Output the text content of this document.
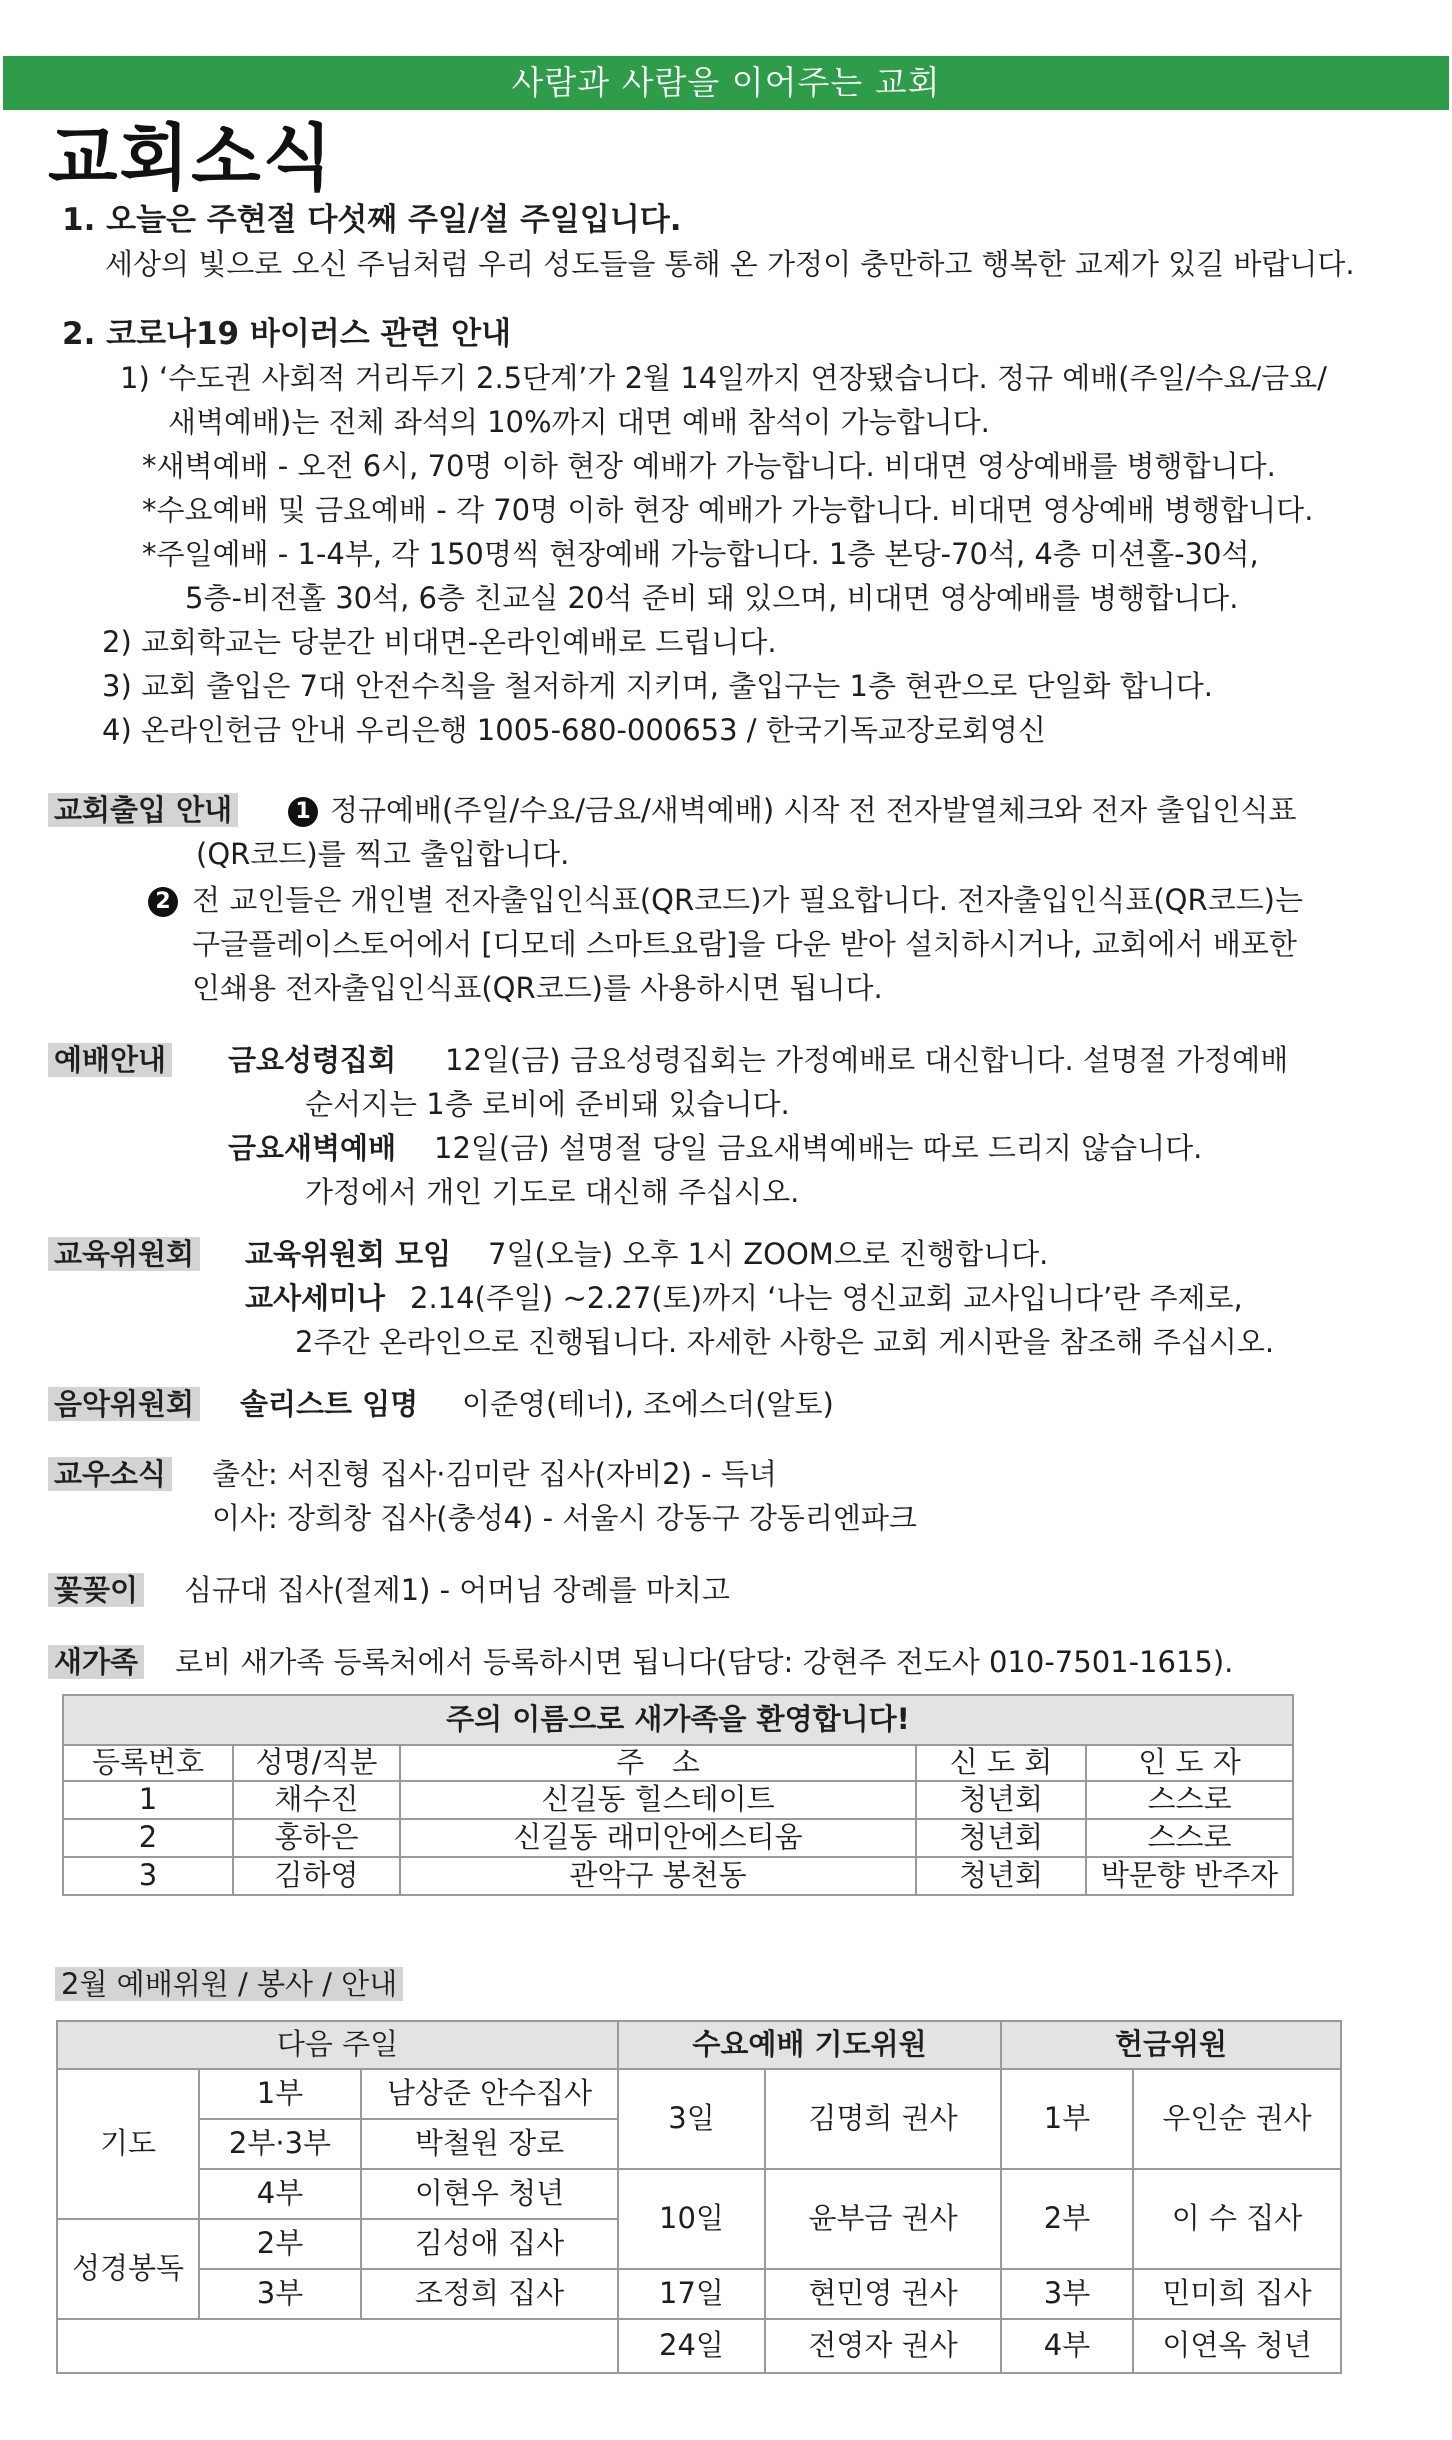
사람과 사람을 이어주는 교회
교회소식
1. 오늘은 주현절 다섯째 주일/설 주일입니다.
세상의 빛으로 오신 주님처럼 우리 성도들을 통해 온 가정이 충만하고 행복한 교제가 있길 바랍니다.
2. 코로나19 바이러스 관련 안내
1) ‘수도권 사회적 거리두기 2.5단계’가 2월 14일까지 연장됐습니다. 정규 예배(주일/수요/금요/
새벽예배)는 전체 좌석의 10%까지 대면 예배 참석이 가능합니다.
*새벽예배 - 오전 6시, 70명 이하 현장 예배가 가능합니다. 비대면 영상예배를 병행합니다.
*수요예배 및 금요예배 - 각 70명 이하 현장 예배가 가능합니다. 비대면 영상예배 병행합니다.
*주일예배 - 1-4부, 각 150명씩 현장예배 가능합니다. 1층 본당-70석, 4층 미션홀-30석,
5층-비전홀 30석, 6층 친교실 20석 준비 돼 있으며, 비대면 영상예배를 병행합니다.
2) 교회학교는 당분간 비대면-온라인예배로 드립니다.
3) 교회 출입은 7대 안전수칙을 철저하게 지키며, 출입구는 1층 현관으로 단일화 합니다.
4) 온라인헌금 안내 우리은행 1005-680-000653 / 한국기독교장로회영신
교회출입 안내	1 정규예배(주일/수요/금요/새벽예배) 시작 전 전자발열체크와 전자 출입인식표
(QR코드)를 찍고 출입합니다.
2 전 교인들은 개인별 전자출입인식표(QR코드)가 필요합니다. 전자출입인식표(QR코드)는
구글플레이스토어에서 [디모데 스마트요람]을 다운 받아 설치하시거나, 교회에서 배포한
인쇄용 전자출입인식표(QR코드)를 사용하시면 됩니다.
예배안내 금요성령집회 12일(금) 금요성령집회는 가정예배로 대신합니다. 설명절 가정예배
순서지는 1층 로비에 준비돼 있습니다.
금요새벽예배 12일(금) 설명절 당일 금요새벽예배는 따로 드리지 않습니다.
가정에서 개인 기도로 대신해 주십시오.
교육위원회 교육위원회 모임 7일(오늘) 오후 1시 ZOOM으로 진행합니다.
교사세미나 2.14(주일) ~2.27(토)까지 ‘나는 영신교회 교사입니다’란 주제로,
2주간 온라인으로 진행됩니다. 자세한 사항은 교회 게시판을 참조해 주십시오.
음악위원회 솔리스트 임명 이준영(테너), 조에스더(알토)
교우소식 출산: 서진형 집사·김미란 집사(자비2) - 득녀
이사: 장희창 집사(충성4) - 서울시 강동구 강동리엔파크
꽃꽂이 심규대 집사(절제1) - 어머님 장례를 마치고
새가족 로비 새가족 등록처에서 등록하시면 됩니다(담당: 강현주 전도사 010-7501-1615).
주의 이름으로 새가족을 환영합니다!				
등록번호	성명/직분	주   소	신 도 회	인 도 자
1	채수진	신길동 힐스테이트	청년회	스스로
2	홍하은	신길동 래미안에스티움	청년회	스스로
3	김하영	관악구 봉천동	청년회	박문향 반주자
2월 예배위원 / 봉사 / 안내
다음 주일			수요예배 기도위원		헌금위원	
기도	1부	남상준 안수집사	3일	김명희 권사	1부	우인순 권사
	2부·3부	박철원 장로				
	4부	이현우 청년	10일	윤부금 권사	2부	이 수 집사
성경봉독	2부	김성애 집사				
	3부	조정희 집사	17일	현민영 권사	3부	민미희 집사
			24일	전영자 권사	4부	이연옥 청년
